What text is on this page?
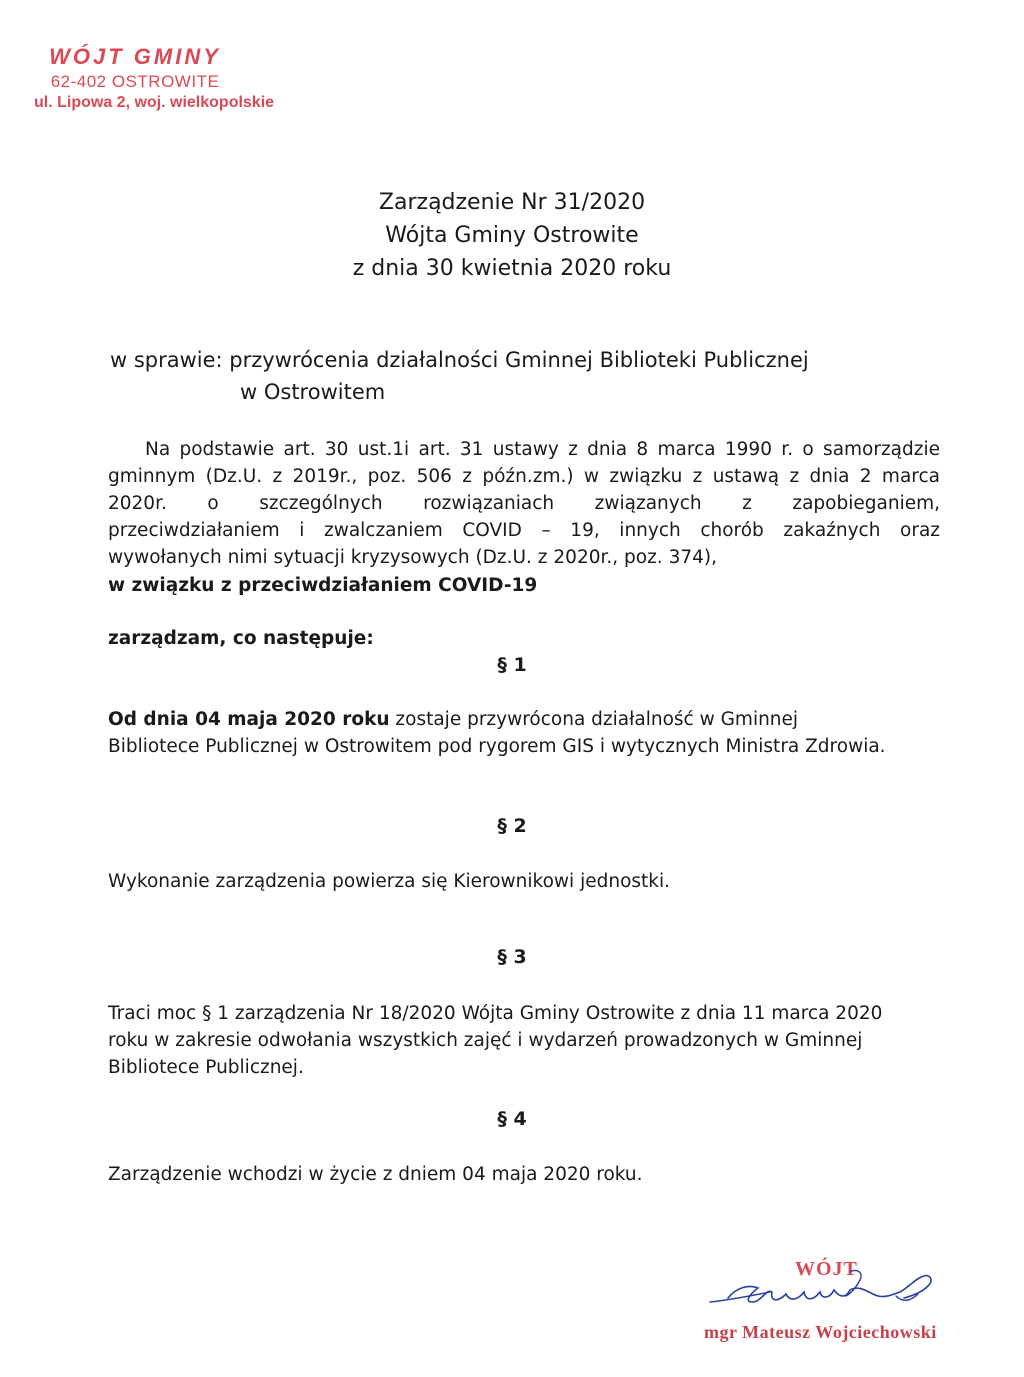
WÓJT GMINY
62-402 OSTROWITE
ul. Lipowa 2, woj. wielkopolskie
Zarządzenie Nr 31/2020
Wójta Gminy Ostrowite
z dnia 30 kwietnia 2020 roku
w sprawie: przywrócenia działalności Gminnej Biblioteki Publicznej
w Ostrowitem
Na podstawie art. 30 ust.1i art. 31 ustawy z dnia 8 marca 1990 r. o samorządzie
gminnym (Dz.U. z 2019r., poz. 506 z późn.zm.) w związku z ustawą z dnia 2 marca
2020r. o szczególnych rozwiązaniach związanych z zapobieganiem,
przeciwdziałaniem i zwalczaniem COVID – 19, innych chorób zakaźnych oraz
wywołanych nimi sytuacji kryzysowych (Dz.U. z 2020r., poz. 374),
w związku z przeciwdziałaniem COVID-19
zarządzam, co następuje:
§ 1
Od dnia 04 maja 2020 roku zostaje przywrócona działalność w Gminnej
Bibliotece Publicznej w Ostrowitem pod rygorem GIS i wytycznych Ministra Zdrowia.
§ 2
Wykonanie zarządzenia powierza się Kierownikowi jednostki.
§ 3
Traci moc § 1 zarządzenia Nr 18/2020 Wójta Gminy Ostrowite z dnia 11 marca 2020
roku w zakresie odwołania wszystkich zajęć i wydarzeń prowadzonych w Gminnej
Bibliotece Publicznej.
§ 4
Zarządzenie wchodzi w życie z dniem 04 maja 2020 roku.
WÓJT
mgr Mateusz Wojciechowski
